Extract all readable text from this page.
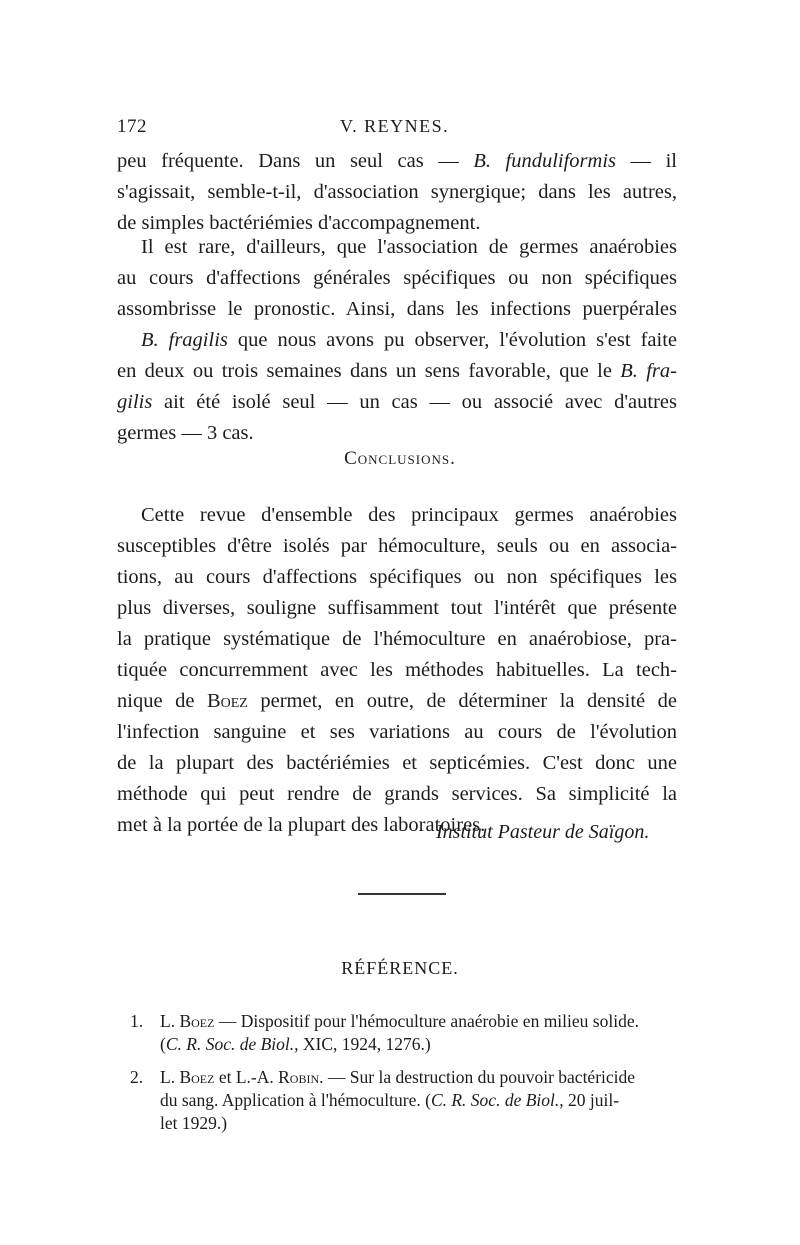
172	V. REYNES.

peu fréquente. Dans un seul cas — B. funduliformis — il
s'agissait, semble-t-il, d'association synergique; dans les autres,
de simples bactériémies d'accompagnement.

Il est rare, d'ailleurs, que l'association de germes anaérobies
au cours d'affections générales spécifiques ou non spécifiques
assombrisse le pronostic. Ainsi, dans les infections puerpérales
B. fragilis que nous avons pu observer, l'évolution s'est faite
en deux ou trois semaines dans un sens favorable, que le B. fra-
gilis ait été isolé seul — un cas — ou associé avec d'autres
germes — 3 cas.

Conclusions.

Cette revue d'ensemble des principaux germes anaérobies
susceptibles d'être isolés par hémoculture, seuls ou en associa-
tions, au cours d'affections spécifiques ou non spécifiques les
plus diverses, souligne suffisamment tout l'intérêt que présente
la pratique systématique de l'hémoculture en anaérobiose, pra-
tiquée concurremment avec les méthodes habituelles. La tech-
nique de Boez permet, en outre, de déterminer la densité de
l'infection sanguine et ses variations au cours de l'évolution
de la plupart des bactériémies et septicémies. C'est donc une
méthode qui peut rendre de grands services. Sa simplicité la
met à la portée de la plupart des laboratoires.

Institut Pasteur de Saïgon.
RÉFÉRENCE.
1. L. Boez — Dispositif pour l'hémoculture anaérobie en milieu solide.
(C. R. Soc. de Biol., XIC, 1924, 1276.)
2. L. Boez et L.-A. Robin. — Sur la destruction du pouvoir bactéricide
du sang. Application à l'hémoculture. (C. R. Soc. de Biol., 20 juil-
let 1929.)
